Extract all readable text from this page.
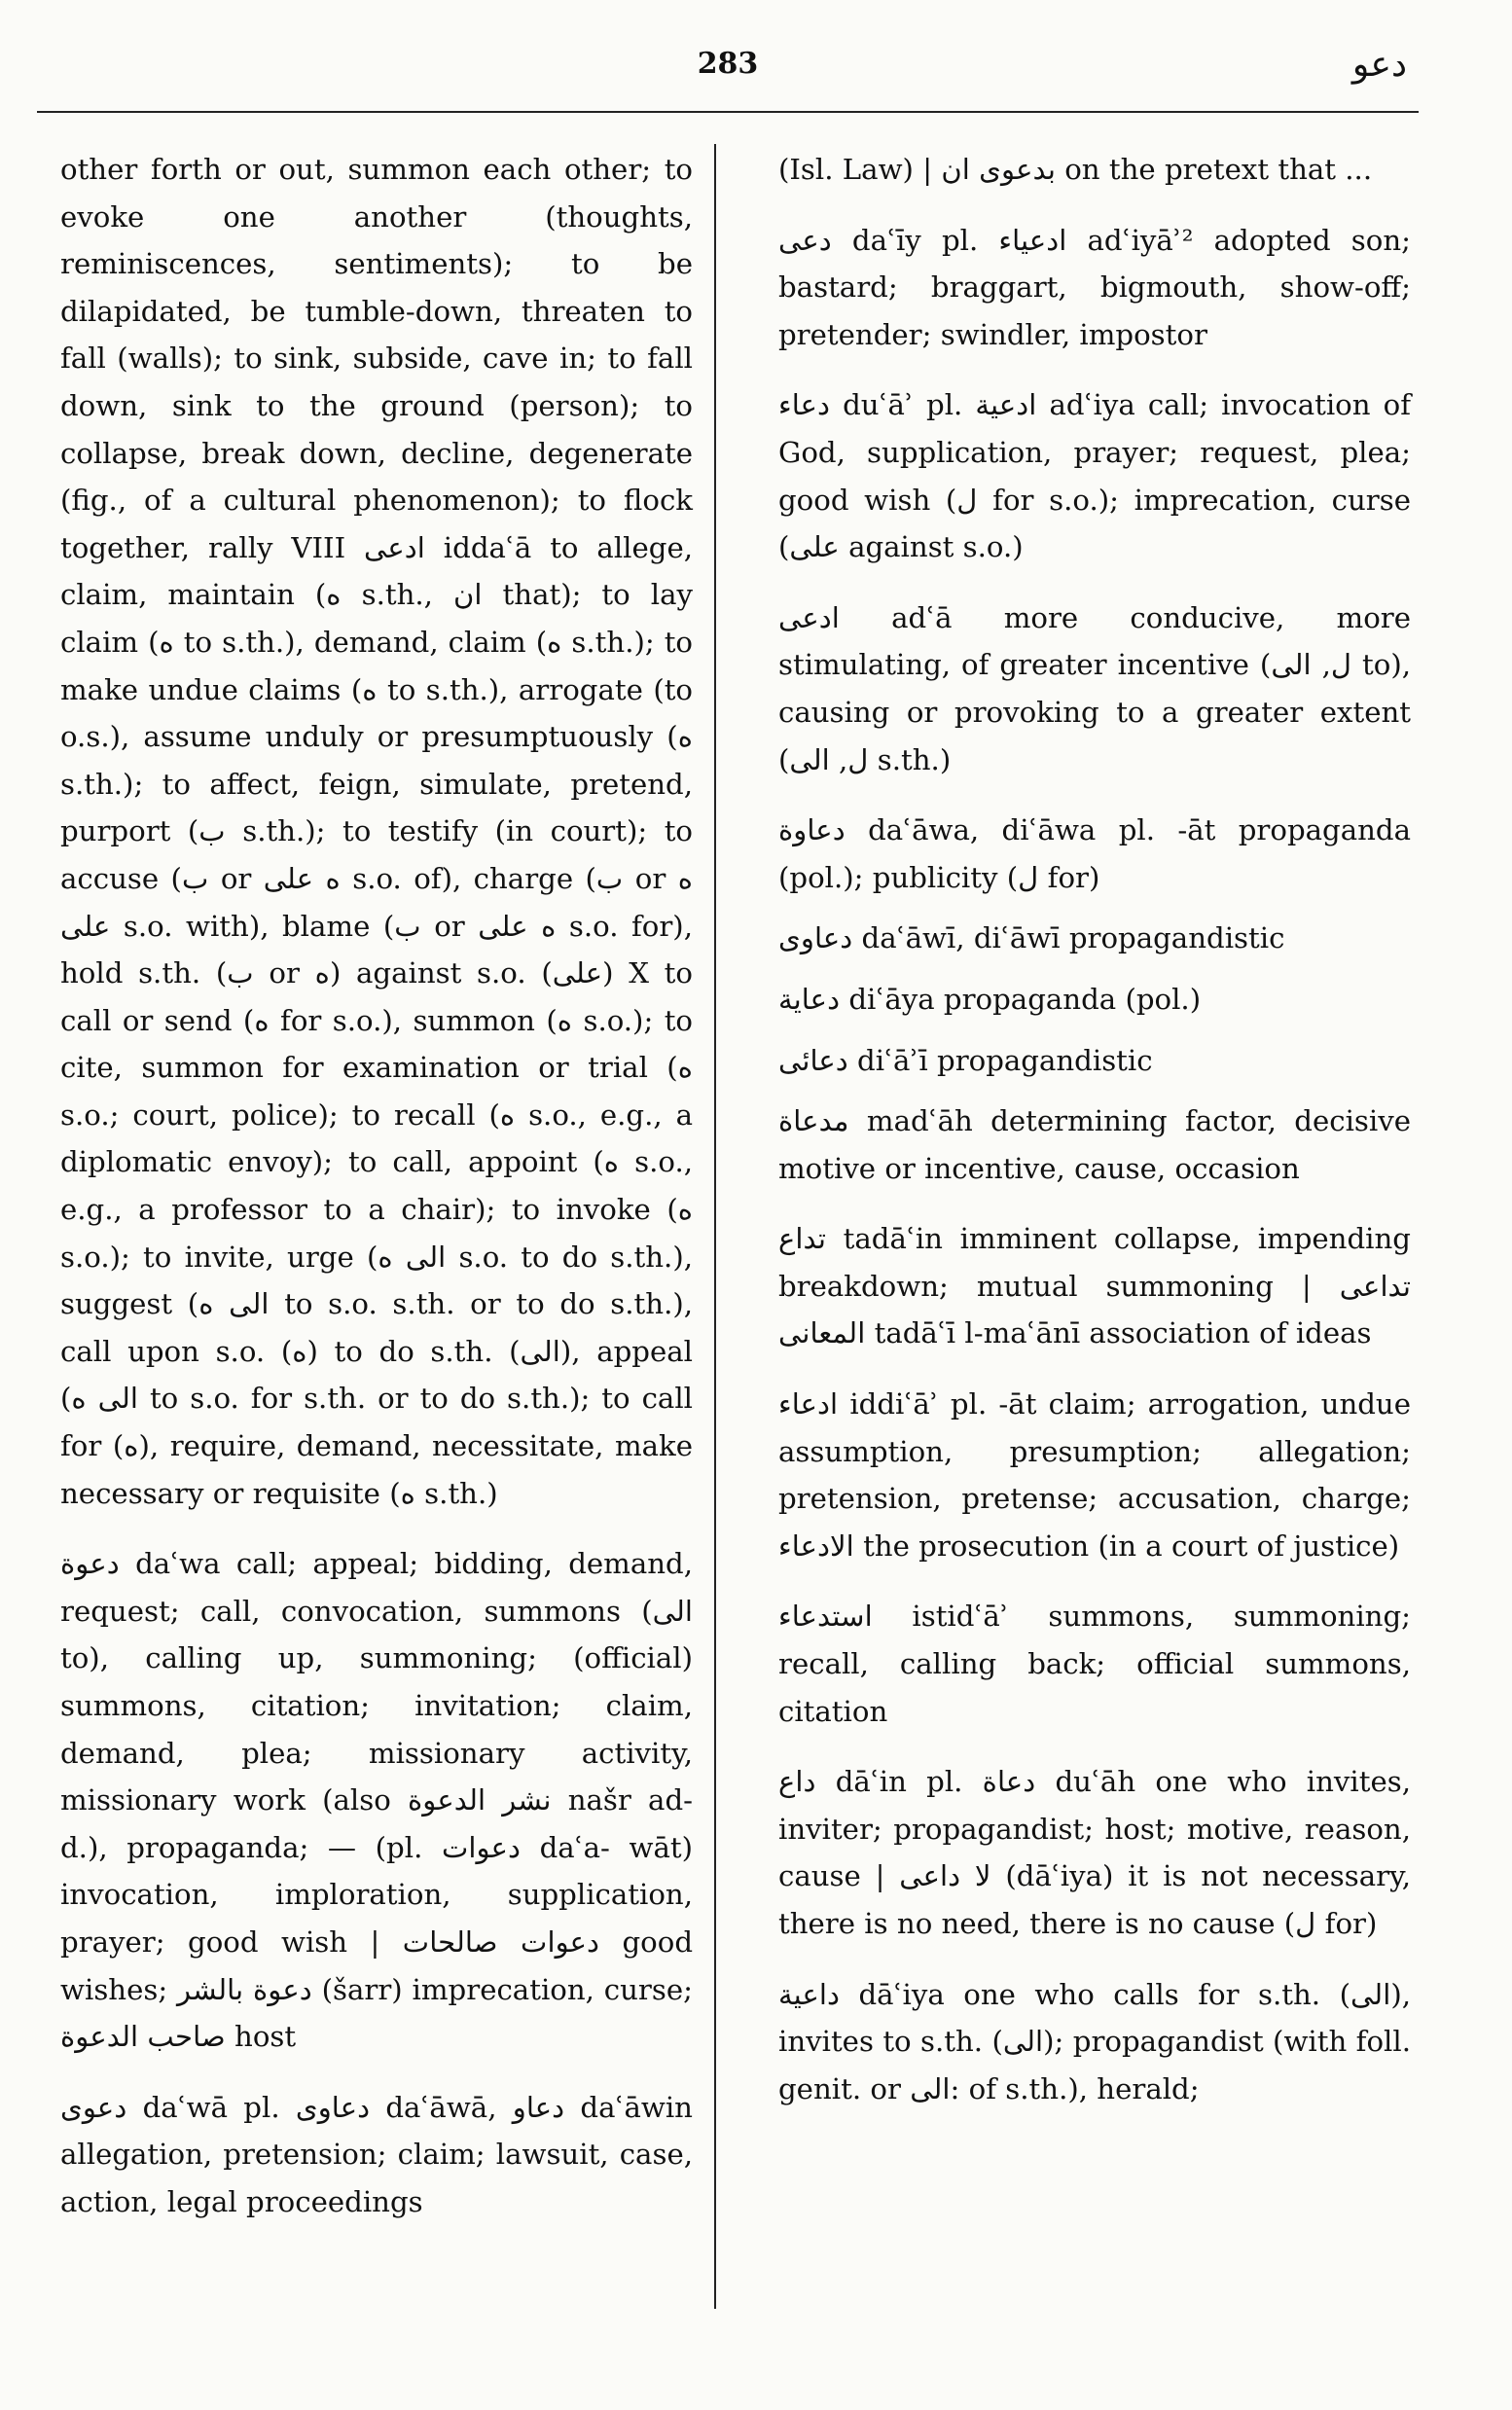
283	دعو

other forth or out, summon each other; to evoke one another (thoughts, reminiscences, sentiments); to be dilapidated, be tumble-down, threaten to fall (walls); to sink, subside, cave in; to fall down, sink to the ground (person); to collapse, break down, decline, degenerate (fig., of a cultural phenomenon); to flock together, rally VIII ادعى iddaʿā to allege, claim, maintain (ه s.th., ان that); to lay claim (ه to s.th.), demand, claim (ه s.th.); to make undue claims (ه to s.th.), arrogate (to o.s.), assume unduly or presumptuously (ه s.th.); to affect, feign, simulate, pretend, purport (ب s.th.); to testify (in court); to accuse (ب or ه على s.o. of), charge (ب or ه على s.o. with), blame (ب or ه على s.o. for), hold s.th. (ب or ه) against s.o. (على) X to call or send (ه for s.o.), summon (ه s.o.); to cite, summon for examination or trial (ه s.o.; court, police); to recall (ه s.o., e.g., a diplomatic envoy); to call, appoint (ه s.o., e.g., a professor to a chair); to invoke (ه s.o.); to invite, urge (الى ه s.o. to do s.th.), suggest (الى ه to s.o. s.th. or to do s.th.), call upon s.o. (ه) to do s.th. (الى), appeal (الى ه to s.o. for s.th. or to do s.th.); to call for (ه), require, demand, necessitate, make necessary or requisite (ه s.th.)

دعوة daʿwa call; appeal; bidding, demand, request; call, convocation, summons (الى to), calling up, summoning; (official) summons, citation; invitation; claim, demand, plea; missionary activity, missionary work (also نشر الدعوة našr ad-d.), propaganda; — (pl. دعوات daʿa- wāt) invocation, imploration, supplication, prayer; good wish | دعوات صالحات good wishes; دعوة بالشر (šarr) imprecation, curse; صاحب الدعوة host

دعوى daʿwā pl. دعاوى daʿāwā, دعاو daʿāwin allegation, pretension; claim; lawsuit, case, action, legal proceedings

(Isl. Law) | بدعوى ان on the pretext that ...

دعى daʿīy pl. ادعياء adʿiyāʾ² adopted son; bastard; braggart, bigmouth, show-off; pretender; swindler, impostor

دعاء duʿāʾ pl. ادعية adʿiya call; invocation of God, supplication, prayer; request, plea; good wish (ل for s.o.); imprecation, curse (على against s.o.)

ادعى adʿā more conducive, more stimulating, of greater incentive (ل, الى to), causing or provoking to a greater extent (ل, الى s.th.)

دعاوة daʿāwa, diʿāwa pl. -āt propaganda (pol.); publicity (ل for)

دعاوى daʿāwī, diʿāwī propagandistic

دعاية diʿāya propaganda (pol.)

دعائى diʿāʾī propagandistic

مدعاة madʿāh determining factor, decisive motive or incentive, cause, occasion

تداع tadāʿin imminent collapse, impending breakdown; mutual summoning | تداعى المعانى tadāʿī l-maʿānī association of ideas

ادعاء iddiʿāʾ pl. -āt claim; arrogation, undue assumption, presumption; allegation; pretension, pretense; accusation, charge; الادعاء the prosecution (in a court of justice)

استدعاء istidʿāʾ summons, summoning; recall, calling back; official summons, citation

داع dāʿin pl. دعاة duʿāh one who invites, inviter; propagandist; host; motive, reason, cause | لا داعى (dāʿiya) it is not necessary, there is no need, there is no cause (ل for)

داعية dāʿiya one who calls for s.th. (الى), invites to s.th. (الى); propagandist (with foll. genit. or الى: of s.th.), herald;
